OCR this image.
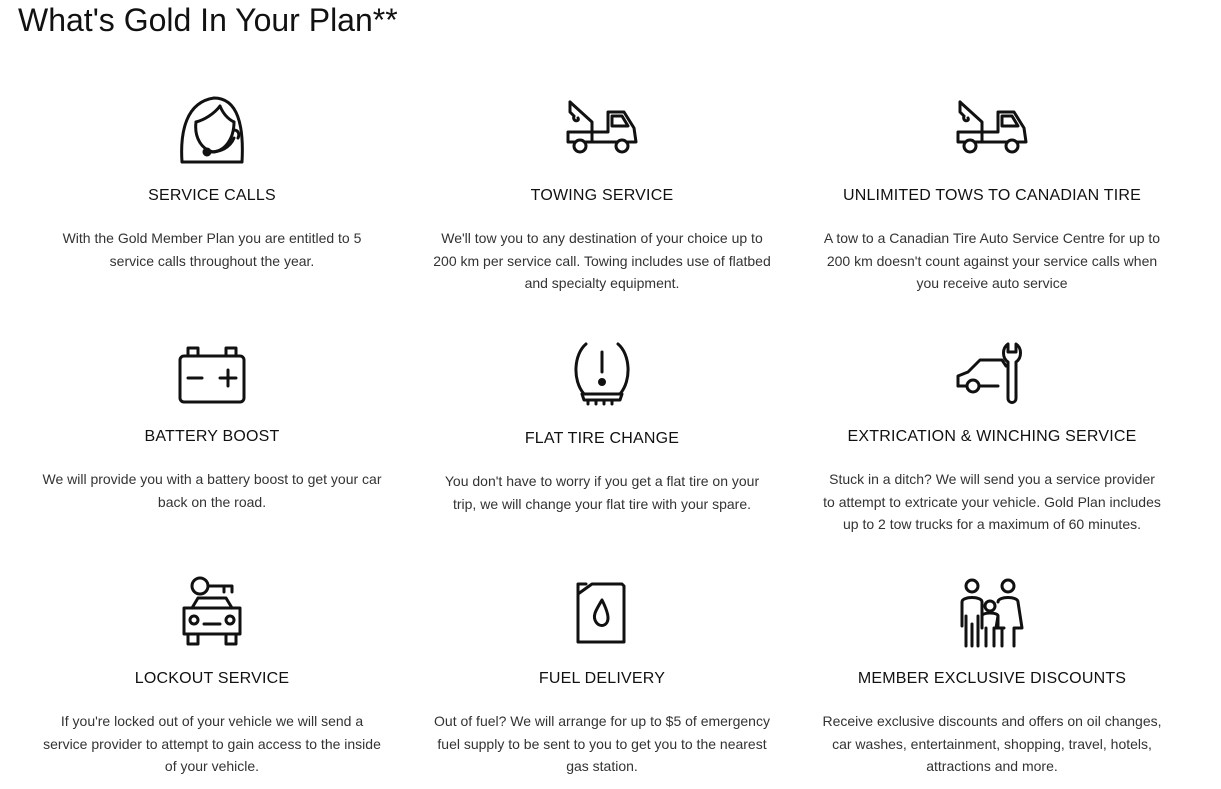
What's Gold In Your Plan**
SERVICE CALLS
With the Gold Member Plan you are entitled to 5 service calls throughout the year.
TOWING SERVICE
We'll tow you to any destination of your choice up to 200 km per service call. Towing includes use of flatbed and specialty equipment.
UNLIMITED TOWS TO CANADIAN TIRE
A tow to a Canadian Tire Auto Service Centre for up to 200 km doesn't count against your service calls when you receive auto service
BATTERY BOOST
We will provide you with a battery boost to get your car back on the road.
FLAT TIRE CHANGE
You don't have to worry if you get a flat tire on your trip, we will change your flat tire with your spare.
EXTRICATION & WINCHING SERVICE
Stuck in a ditch? We will send you a service provider to attempt to extricate your vehicle. Gold Plan includes up to 2 tow trucks for a maximum of 60 minutes.
LOCKOUT SERVICE
If you're locked out of your vehicle we will send a service provider to attempt to gain access to the inside of your vehicle.
FUEL DELIVERY
Out of fuel? We will arrange for up to $5 of emergency fuel supply to be sent to you to get you to the nearest gas station.
MEMBER EXCLUSIVE DISCOUNTS
Receive exclusive discounts and offers on oil changes, car washes, entertainment, shopping, travel, hotels, attractions and more.
